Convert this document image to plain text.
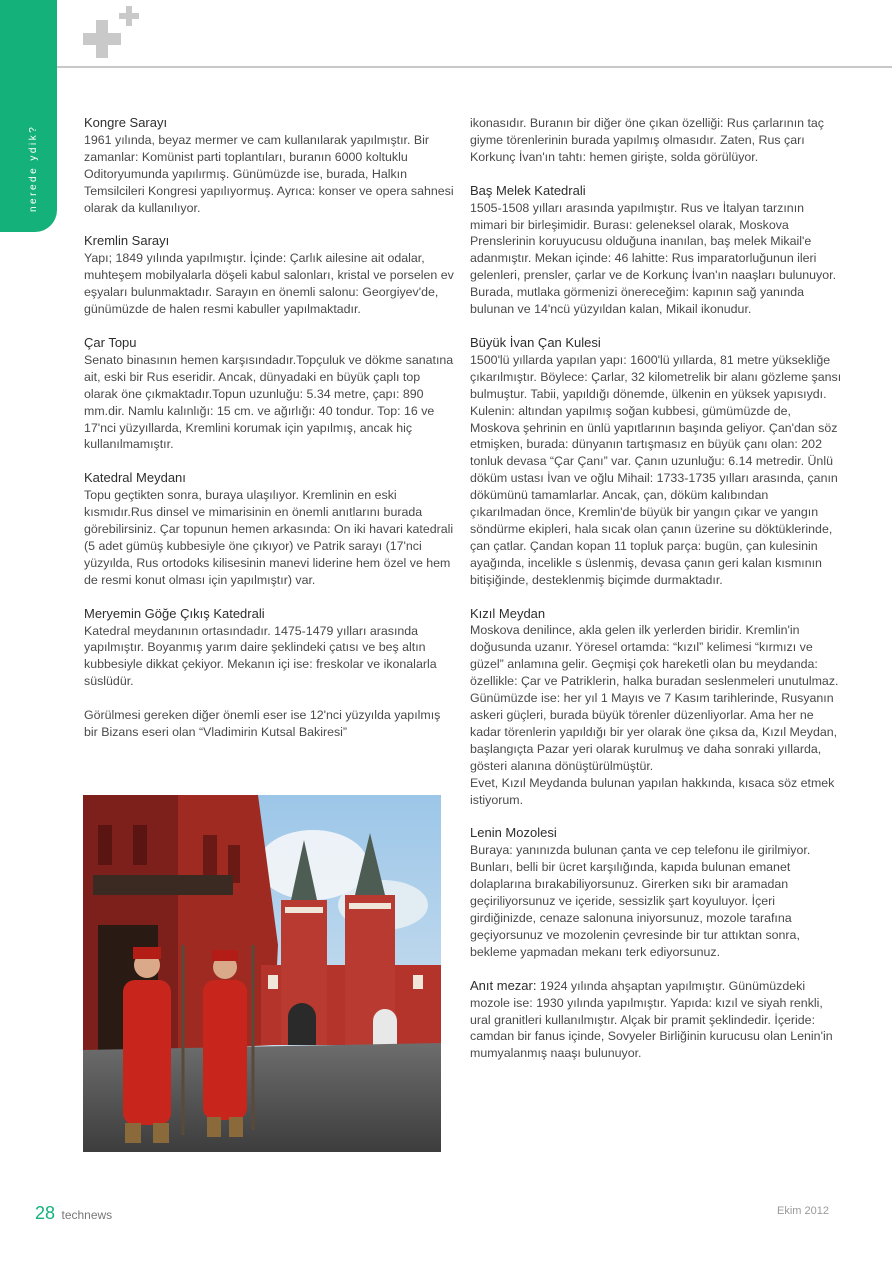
nerede ydik?

Kongre Sarayı
1961 yılında, beyaz mermer ve cam kullanılarak yapılmıştır. Bir zamanlar: Komünist parti toplantıları, buranın 6000 koltuklu Oditoryumunda yapılırmış. Günümüzde ise, burada, Halkın Temsilcileri Kongresi yapılıyormuş. Ayrıca: konser ve opera sahnesi olarak da kullanılıyor.

Kremlin Sarayı
Yapı; 1849 yılında yapılmıştır. İçinde: Çarlık ailesine ait odalar, muhteşem mobilyalarla döşeli kabul salonları, kristal ve porselen ev eşyaları bulunmaktadır. Sarayın en önemli salonu: Georgiyev'de, günümüzde de halen resmi kabuller yapılmaktadır.

Çar Topu
Senato binasının hemen karşısındadır.Topçuluk ve dökme sanatına ait, eski bir Rus eseridir. Ancak, dünyadaki en büyük çaplı top olarak öne çıkmaktadır.Topun uzunluğu: 5.34 metre, çapı: 890 mm.dir. Namlu kalınlığı: 15 cm. ve ağırlığı: 40 tondur. Top: 16 ve 17'nci yüzyıllarda, Kremlini korumak için yapılmış, ancak hiç kullanılmamıştır.

Katedral Meydanı
Topu geçtikten sonra, buraya ulaşılıyor. Kremlinin en eski kısmıdır.Rus dinsel ve mimarisinin en önemli anıtlarını burada görebilirsiniz. Çar topunun hemen arkasında: On iki havari katedrali (5 adet gümüş kubbesiyle öne çıkıyor) ve Patrik sarayı (17'nci yüzyılda, Rus ortodoks kilisesinin manevi liderine hem özel ve hem de resmi konut olması için yapılmıştır) var.

Meryemin Göğe Çıkış Katedrali
Katedral meydanının ortasındadır. 1475-1479 yılları arasında yapılmıştır. Boyanmış yarım daire şeklindeki çatısı ve beş altın kubbesiyle dikkat çekiyor. Mekanın içi ise: freskolar ve ikonalarla süslüdür.

Görülmesi gereken diğer önemli eser ise 12'nci yüzyılda yapılmış bir Bizans eseri olan “Vladimirin Kutsal Bakiresi”

ikonasıdır. Buranın bir diğer öne çıkan özelliği: Rus çarlarının taç giyme törenlerinin burada yapılmış olmasıdır. Zaten, Rus çarı Korkunç İvan'ın tahtı: hemen girişte, solda görülüyor.

Baş Melek Katedrali
1505-1508 yılları arasında yapılmıştır. Rus ve İtalyan tarzının mimari bir birleşimidir. Burası: geleneksel olarak, Moskova Prenslerinin koruyucusu olduğuna inanılan, baş melek Mikail'e adanmıştır. Mekan içinde: 46 lahitte: Rus imparatorluğunun ileri gelenleri, prensler, çarlar ve de Korkunç İvan'ın naaşları bulunuyor. Burada, mutlaka görmenizi önereceğim: kapının sağ yanında bulunan ve 14'ncü yüzyıldan kalan, Mikail ikonudur.

Büyük İvan Çan Kulesi
1500'lü yıllarda yapılan yapı: 1600'lü yıllarda, 81 metre yüksekliğe çıkarılmıştır. Böylece: Çarlar, 32 kilometrelik bir alanı gözleme şansı bulmuştur. Tabii, yapıldığı dönemde, ülkenin en yüksek yapısıydı. Kulenin: altından yapılmış soğan kubbesi, gümümüzde de, Moskova şehrinin en ünlü yapıtlarının başında geliyor. Çan'dan söz etmişken, burada: dünyanın tartışmasız en büyük çanı olan: 202 tonluk devasa “Çar Çanı” var. Çanın uzunluğu: 6.14 metredir. Ünlü döküm ustası İvan ve oğlu Mihail: 1733-1735 yılları arasında, çanın dökümünü tamamlarlar. Ancak, çan, döküm kalıbından çıkarılmadan önce, Kremlin'de büyük bir yangın çıkar ve yangın söndürme ekipleri, hala sıcak olan çanın üzerine su döktüklerinde, çan çatlar. Çandan kopan 11 topluk parça: bugün, çan kulesinin ayağında, incelikle s üslenmiş, devasa çanın geri kalan kısmının bitişiğinde, desteklenmiş biçimde durmaktadır.

Kızıl Meydan
Moskova denilince, akla gelen ilk yerlerden biridir. Kremlin'in doğusunda uzanır. Yöresel ortamda: “kızıl” kelimesi “kırmızı ve güzel” anlamına gelir. Geçmişi çok hareketli olan bu meydanda: özellikle: Çar ve Patriklerin, halka buradan seslenmeleri unutulmaz. Günümüzde ise: her yıl 1 Mayıs ve 7 Kasım tarihlerinde, Rusyanın askeri güçleri, burada büyük törenler düzenliyorlar. Ama her ne kadar törenlerin yapıldığı bir yer olarak öne çıksa da, Kızıl Meydan, başlangıçta Pazar yeri olarak kurulmuş ve daha sonraki yıllarda, gösteri alanına dönüştürülmüştür.
Evet, Kızıl Meydanda bulunan yapılan hakkında, kısaca söz etmek istiyorum.

Lenin Mozolesi
Buraya: yanınızda bulunan çanta ve cep telefonu ile girilmiyor. Bunları, belli bir ücret karşılığında, kapıda bulunan emanet dolaplarına bırakabiliyorsunuz. Girerken sıkı bir aramadan geçiriliyorsunuz ve içeride, sessizlik şart koyuluyor. İçeri girdiğinizde, cenaze salonuna iniyorsunuz, mozole tarafına geçiyorsunuz ve mozolenin çevresinde bir tur attıktan sonra, bekleme yapmadan mekanı terk ediyorsunuz.

Anıt mezar: 1924 yılında ahşaptan yapılmıştır. Günümüzdeki mozole ise: 1930 yılında yapılmıştır. Yapıda: kızıl ve siyah renkli, ural granitleri kullanılmıştır. Alçak bir pramit şeklindedir. İçeride: camdan bir fanus içinde, Sovyeler Birliğinin kurucusu olan Lenin'in mumyalanmış naaşı bulunuyor.

28 technews	Ekim 2012
